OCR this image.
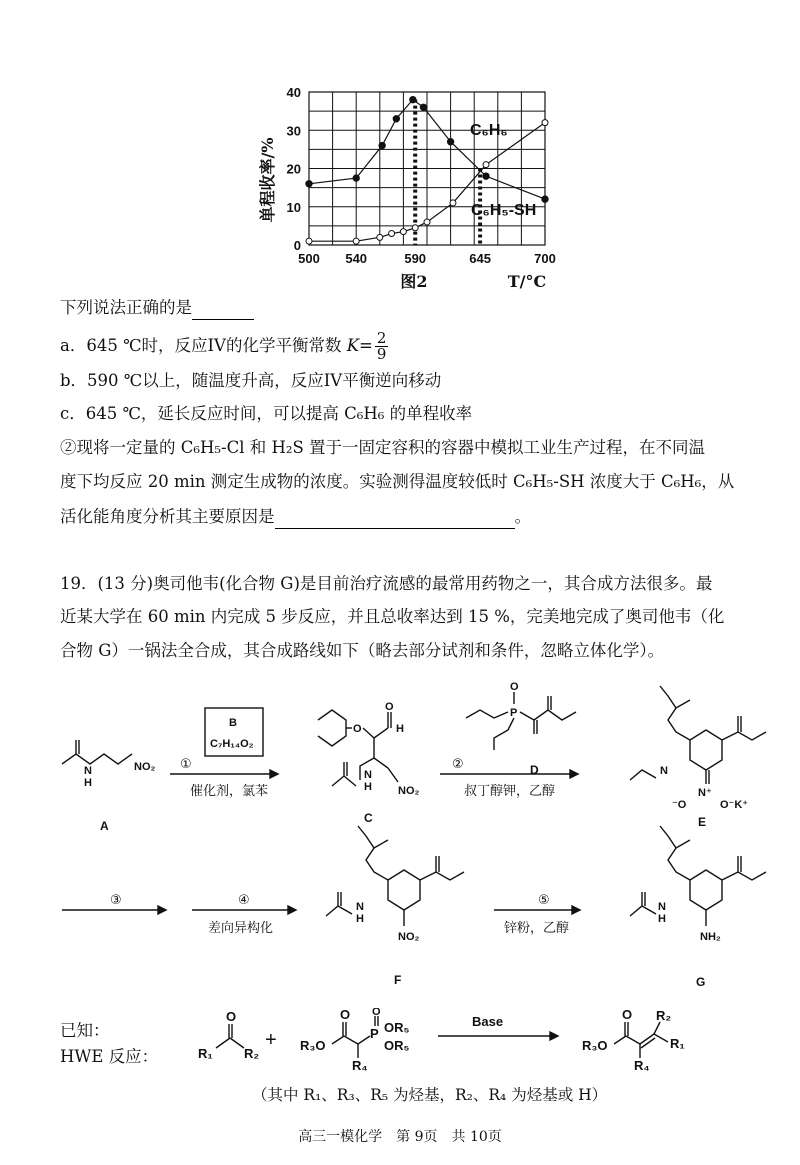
500 540	590	645	700
0
10
20
30
40
单程收率/%
图2	T/°C
C₆H₆
C₆H₅-SH
下列说法正确的是
a．645 ℃时，反应IV的化学平衡常数 $K= \frac{2}{9}$
b．590 ℃以上，随温度升高，反应IV平衡逆向移动
c．645 ℃，延长反应时间，可以提高 C₆H₆ 的单程收率
②现将一定量的 C₆H₅-Cl 和 H₂S 置于一固定容积的容器中模拟工业生产过程，在不同温
度下均反应 20 min 测定生成物的浓度。实验测得温度较低时 C₆H₅-SH 浓度大于 C₆H₆，从
活化能角度分析其主要原因是	。
19．(13 分)奥司他韦(化合物 G)是目前治疗流感的最常用药物之一，其合成方法很多。最
近某大学在 60 min 内完成 5 步反应，并且总收率达到 15 %，完美地完成了奥司他韦（化
合物 G）一锅法全合成，其合成路线如下（略去部分试剂和条件，忽略立体化学）。
N
H
NO₂
A
B
C₇H₁₄O₂
①
催化剂，氯苯
O
O
H
NO₂
N
H
C
O
P
D
②
叔丁醇钾，乙醇	N⁺
⁻O	O⁻K⁺
N
E
③	④
差向异构化
NO₂
N
H
F
⑤
锌粉，乙醇
NH₂
N
H
G
已知：
HWE 反应：	R₁
O
R₂
+ R₃O
O
R₄
P
O
OR₅
OR₅
Base
R₃O
O
R₄
R₂
R₁
（其中 R₁、R₃、R₅ 为烃基，R₂、R₄ 为烃基或 H）
高三一模化学　第 9页　共 10页
